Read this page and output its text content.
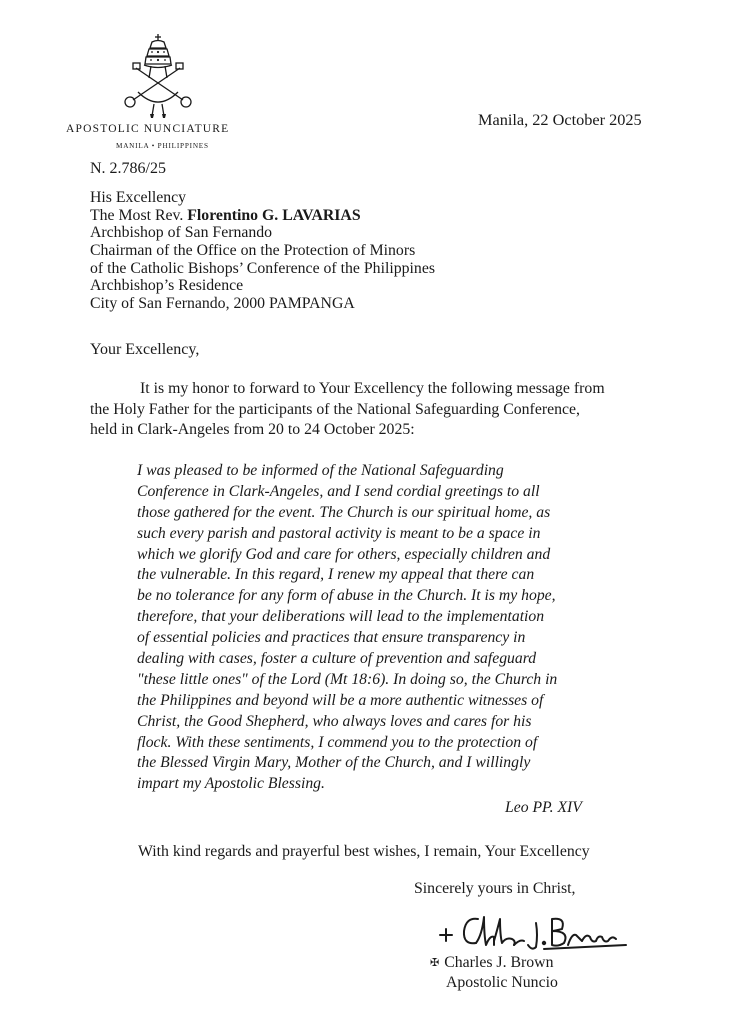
APOSTOLIC NUNCIATURE
MANILA • PHILIPPINES
Manila, 22 October 2025
N. 2.786/25
His Excellency
The Most Rev. Florentino G. LAVARIAS
Archbishop of San Fernando
Chairman of the Office on the Protection of Minors
of the Catholic Bishops’ Conference of the Philippines
Archbishop’s Residence
City of San Fernando, 2000 PAMPANGA
Your Excellency,
It is my honor to forward to Your Excellency the following message from
the Holy Father for the participants of the National Safeguarding Conference,
held in Clark-Angeles from 20 to 24 October 2025:
I was pleased to be informed of the National Safeguarding
Conference in Clark-Angeles, and I send cordial greetings to all
those gathered for the event. The Church is our spiritual home, as
such every parish and pastoral activity is meant to be a space in
which we glorify God and care for others, especially children and
the vulnerable. In this regard, I renew my appeal that there can
be no tolerance for any form of abuse in the Church. It is my hope,
therefore, that your deliberations will lead to the implementation
of essential policies and practices that ensure transparency in
dealing with cases, foster a culture of prevention and safeguard
"these little ones" of the Lord (Mt 18:6). In doing so, the Church in
the Philippines and beyond will be a more authentic witnesses of
Christ, the Good Shepherd, who always loves and cares for his
flock. With these sentiments, I commend you to the protection of
the Blessed Virgin Mary, Mother of the Church, and I willingly
impart my Apostolic Blessing.
Leo PP. XIV
With kind regards and prayerful best wishes, I remain, Your Excellency
Sincerely yours in Christ,
✠ Charles J. Brown
Apostolic Nuncio
